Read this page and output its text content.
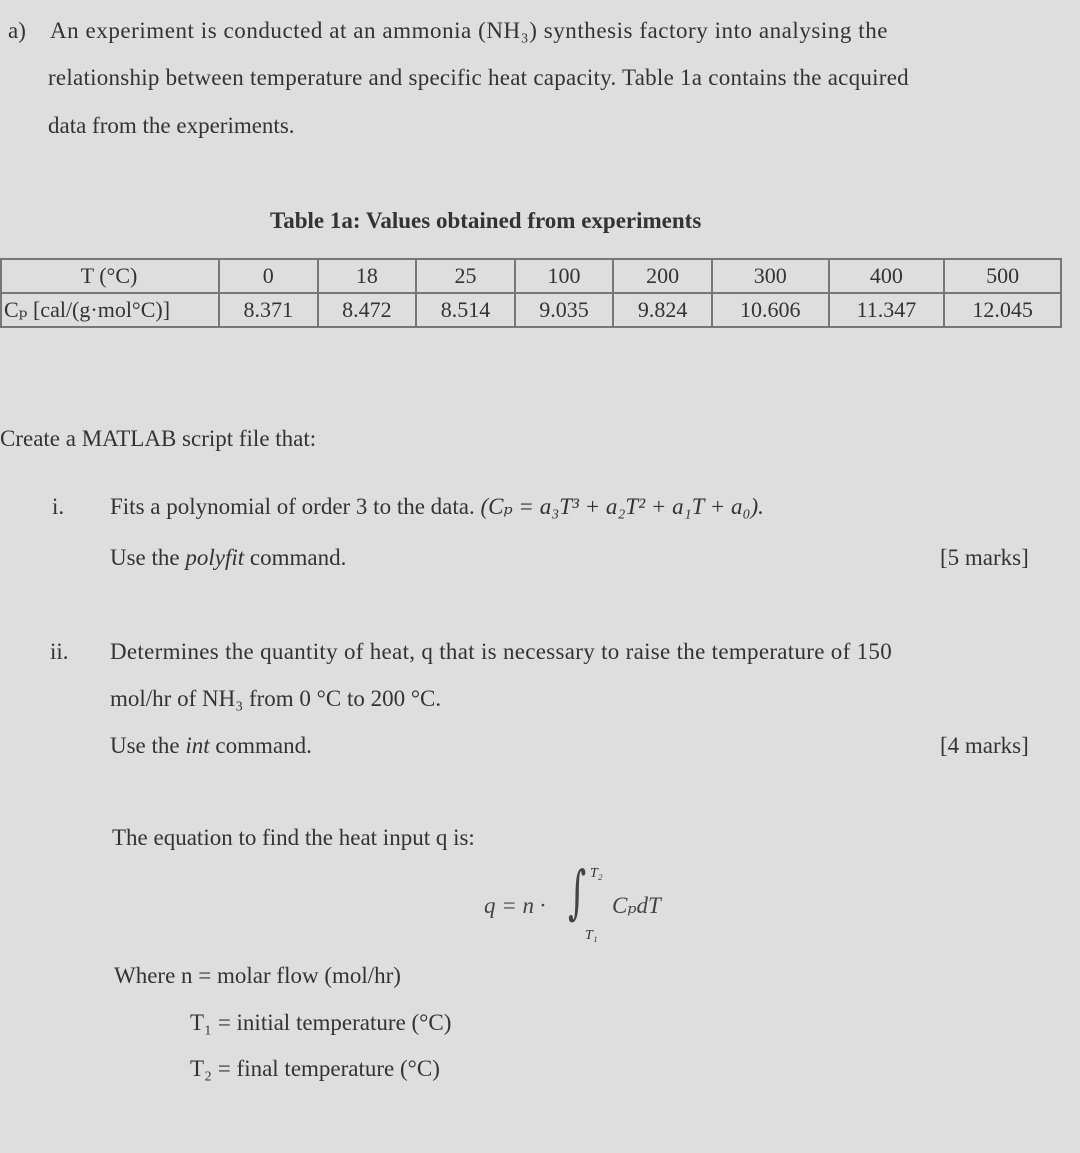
a) An experiment is conducted at an ammonia (NH₃) synthesis factory into analysing the
relationship between temperature and specific heat capacity. Table 1a contains the acquired
data from the experiments.
Table 1a: Values obtained from experiments
T (°C)	0	18	25	100	200	300	400	500
Cₚ [cal/(g·mol°C)]	8.371	8.472	8.514	9.035	9.824	10.606	11.347	12.045
Create a MATLAB script file that:
i. Fits a polynomial of order 3 to the data. (Cₚ = a₃T³ + a₂T² + a₁T + a₀).
Use the polyfit command.	[5 marks]
ii. Determines the quantity of heat, q that is necessary to raise the temperature of 150
mol/hr of NH₃ from 0 °C to 200 °C.
Use the int command.	[4 marks]
The equation to find the heat input q is:
q = n · ∫ T₂
T₁
CₚdT
Where n = molar flow (mol/hr)
T₁ = initial temperature (°C)
T₂ = final temperature (°C)
